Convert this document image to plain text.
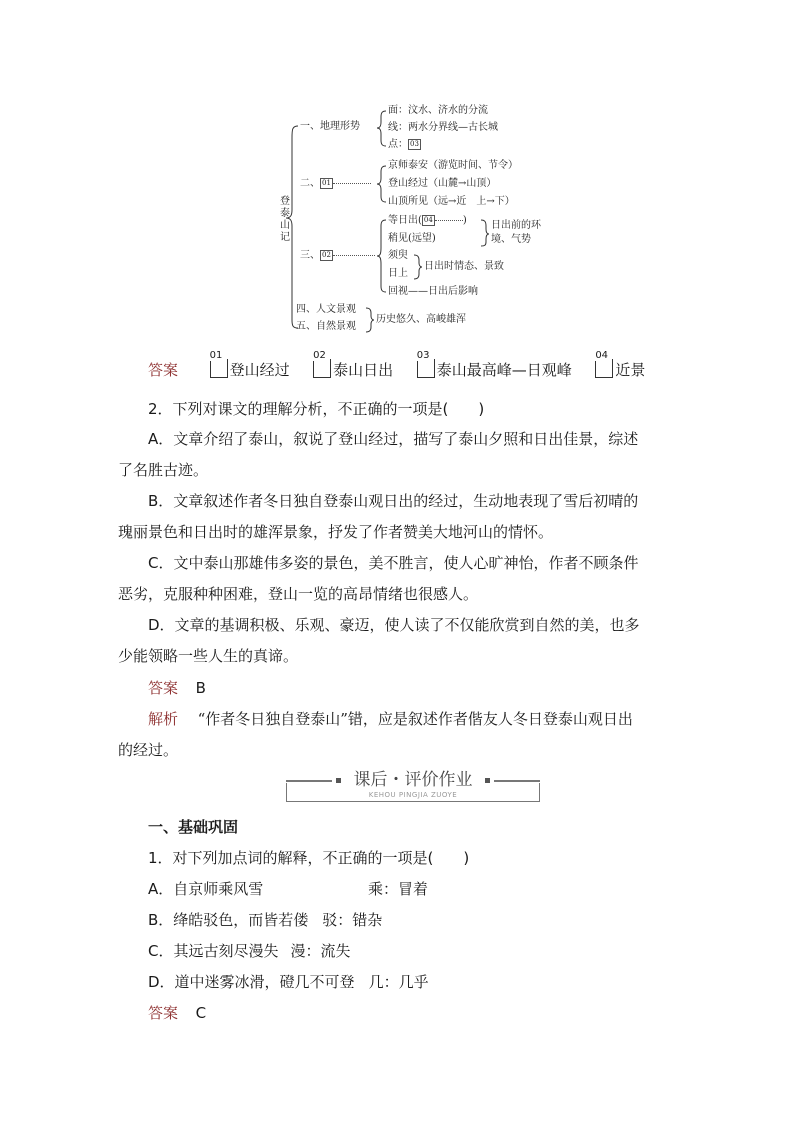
登
泰
山
记
一、地理形势
面：汶水、济水的分流
线：两水分界线—古长城
点： 03
二、 01
京师泰安（游览时间、节令）
登山经过（山麓→山顶）
山顶所见（远→近　上→下）
三、 02
等日出( 04	)
稍见(远望)
须臾
日上
回视——日出后影响
日出前的环
境、气势
日出时情态、景致
四、人文景观
五、自然景观
历史悠久、高峻雄浑
答案
01
登山经过
02
泰山日出
03
泰山最高峰—日观峰
04
近景
2．下列对课文的理解分析，不正确的一项是(　　)
A．文章介绍了泰山，叙说了登山经过，描写了泰山夕照和日出佳景，综述
了名胜古迹。
B．文章叙述作者冬日独自登泰山观日出的经过，生动地表现了雪后初晴的
瑰丽景色和日出时的雄浑景象，抒发了作者赞美大地河山的情怀。
C．文中泰山那雄伟多姿的景色，美不胜言，使人心旷神怡，作者不顾条件
恶劣，克服种种困难，登山一览的高昂情绪也很感人。
D．文章的基调积极、乐观、豪迈，使人读了不仅能欣赏到自然的美，也多
少能领略一些人生的真谛。
答案 B
解析 “作者冬日独自登泰山”错，应是叙述作者偕友人冬日登泰山观日出
的经过。
课后・评价作业
KEHOU PINGJIA ZUOYE
一、基础巩固
1．对下列加点词的解释，不正确的一项是(　　)
A．自京师乘风雪	乘：冒着
B．绛皓驳色，而皆若偻 驳：错杂
C．其远古刻尽漫失 漫：流失
D．道中迷雾冰滑，磴几不可登 几：几乎
答案 C
